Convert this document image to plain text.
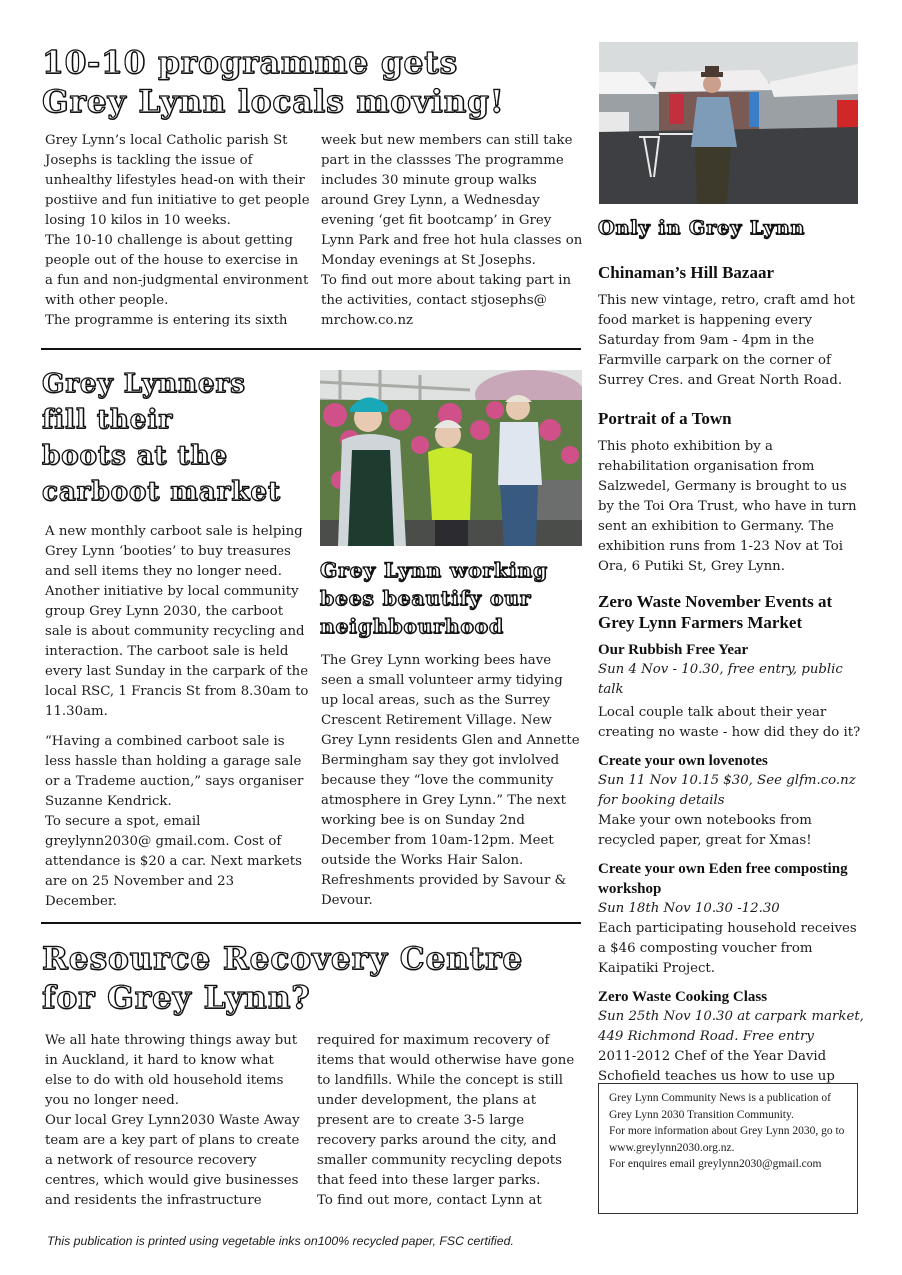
10-10 programme gets
Grey Lynn locals moving!

Grey Lynn’s local Catholic parish St Josephs is tackling the issue of unhealthy lifestyles head-on with their postiive and fun initiative to get people losing 10 kilos in 10 weeks.

The 10-10 challenge is about getting people out of the house to exercise in a fun and non-judgmental environment with other people.

The programme is entering its sixth

week but new members can still take part in the classses The programme includes 30 minute group walks around Grey Lynn, a Wednesday evening ‘get fit bootcamp’ in Grey Lynn Park and free hot hula classes on Monday evenings at St Josephs.

To find out more about taking part in the activities, contact stjosephs@ mrchow.co.nz

Grey Lynners
fill their
boots at the
carboot market

A new monthly carboot sale is helping Grey Lynn ‘booties’ to buy treasures and sell items they no longer need. Another initiative by local community group Grey Lynn 2030, the carboot sale is about community recycling and interaction. The carboot sale is held every last Sunday in the carpark of the local RSC, 1 Francis St from 8.30am to 11.30am.

“Having a combined carboot sale is less hassle than holding a garage sale or a Trademe auction,” says organiser Suzanne Kendrick.

To secure a spot, email greylynn2030@ gmail.com. Cost of attendance is $20 a car. Next markets are on 25 November and 23 December.

Grey Lynn working
bees beautify our
neighbourhood

The Grey Lynn working bees have seen a small volunteer army tidying up local areas, such as the Surrey Crescent Retirement Village. New Grey Lynn residents Glen and Annette Bermingham say they got invlolved because they “love the community atmosphere in Grey Lynn.” The next working bee is on Sunday 2nd December from 10am-12pm. Meet outside the Works Hair Salon. Refreshments provided by Savour & Devour.

Resource Recovery Centre
for Grey Lynn?

We all hate throwing things away but in Auckland, it hard to know what else to do with old household items you no longer need.

Our local Grey Lynn2030 Waste Away team are a key part of plans to create a network of resource recovery centres, which would give businesses and residents the infrastructure

required for maximum recovery of items that would otherwise have gone to landfills. While the concept is still under development, the plans at present are to create 3-5 large recovery parks around the city, and smaller community recycling depots that feed into these larger parks.

To find out more, contact Lynn at

This publication is printed using vegetable inks on100% recycled paper, FSC certified.
Only in Grey Lynn

Chinaman’s Hill Bazaar

This new vintage, retro, craft amd hot food market is happening every Saturday from 9am - 4pm in the Farmville carpark on the corner of Surrey Cres. and Great North Road.

Portrait of a Town

This photo exhibition by a rehabilitation organisation from Salzwedel, Germany is brought to us by the Toi Ora Trust, who have in turn sent an exhibition to Germany. The exhibition runs from 1-23 Nov at Toi Ora, 6 Putiki St, Grey Lynn.

Zero Waste November Events at Grey Lynn Farmers Market

Our Rubbish Free Year

Sun 4 Nov - 10.30, free entry, public talk

Local couple talk about their year creating no waste - how did they do it?

Create your own lovenotes

Sun 11 Nov 10.15 $30, See glfm.co.nz for booking details

Make your own notebooks from recycled paper, great for Xmas!

Create your own Eden free composting workshop

Sun 18th Nov 10.30 -12.30

Each participating household receives a $46 composting voucher from Kaipatiki Project.

Zero Waste Cooking Class

Sun 25th Nov 10.30 at carpark market, 449 Richmond Road. Free entry

2011-2012 Chef of the Year David Schofield teaches us how to use up

Grey Lynn Community News is a publication of Grey Lynn 2030 Transition Community.

For more information about Grey Lynn 2030, go to www.greylynn2030.org.nz.

For enquires email greylynn2030@gmail.com
